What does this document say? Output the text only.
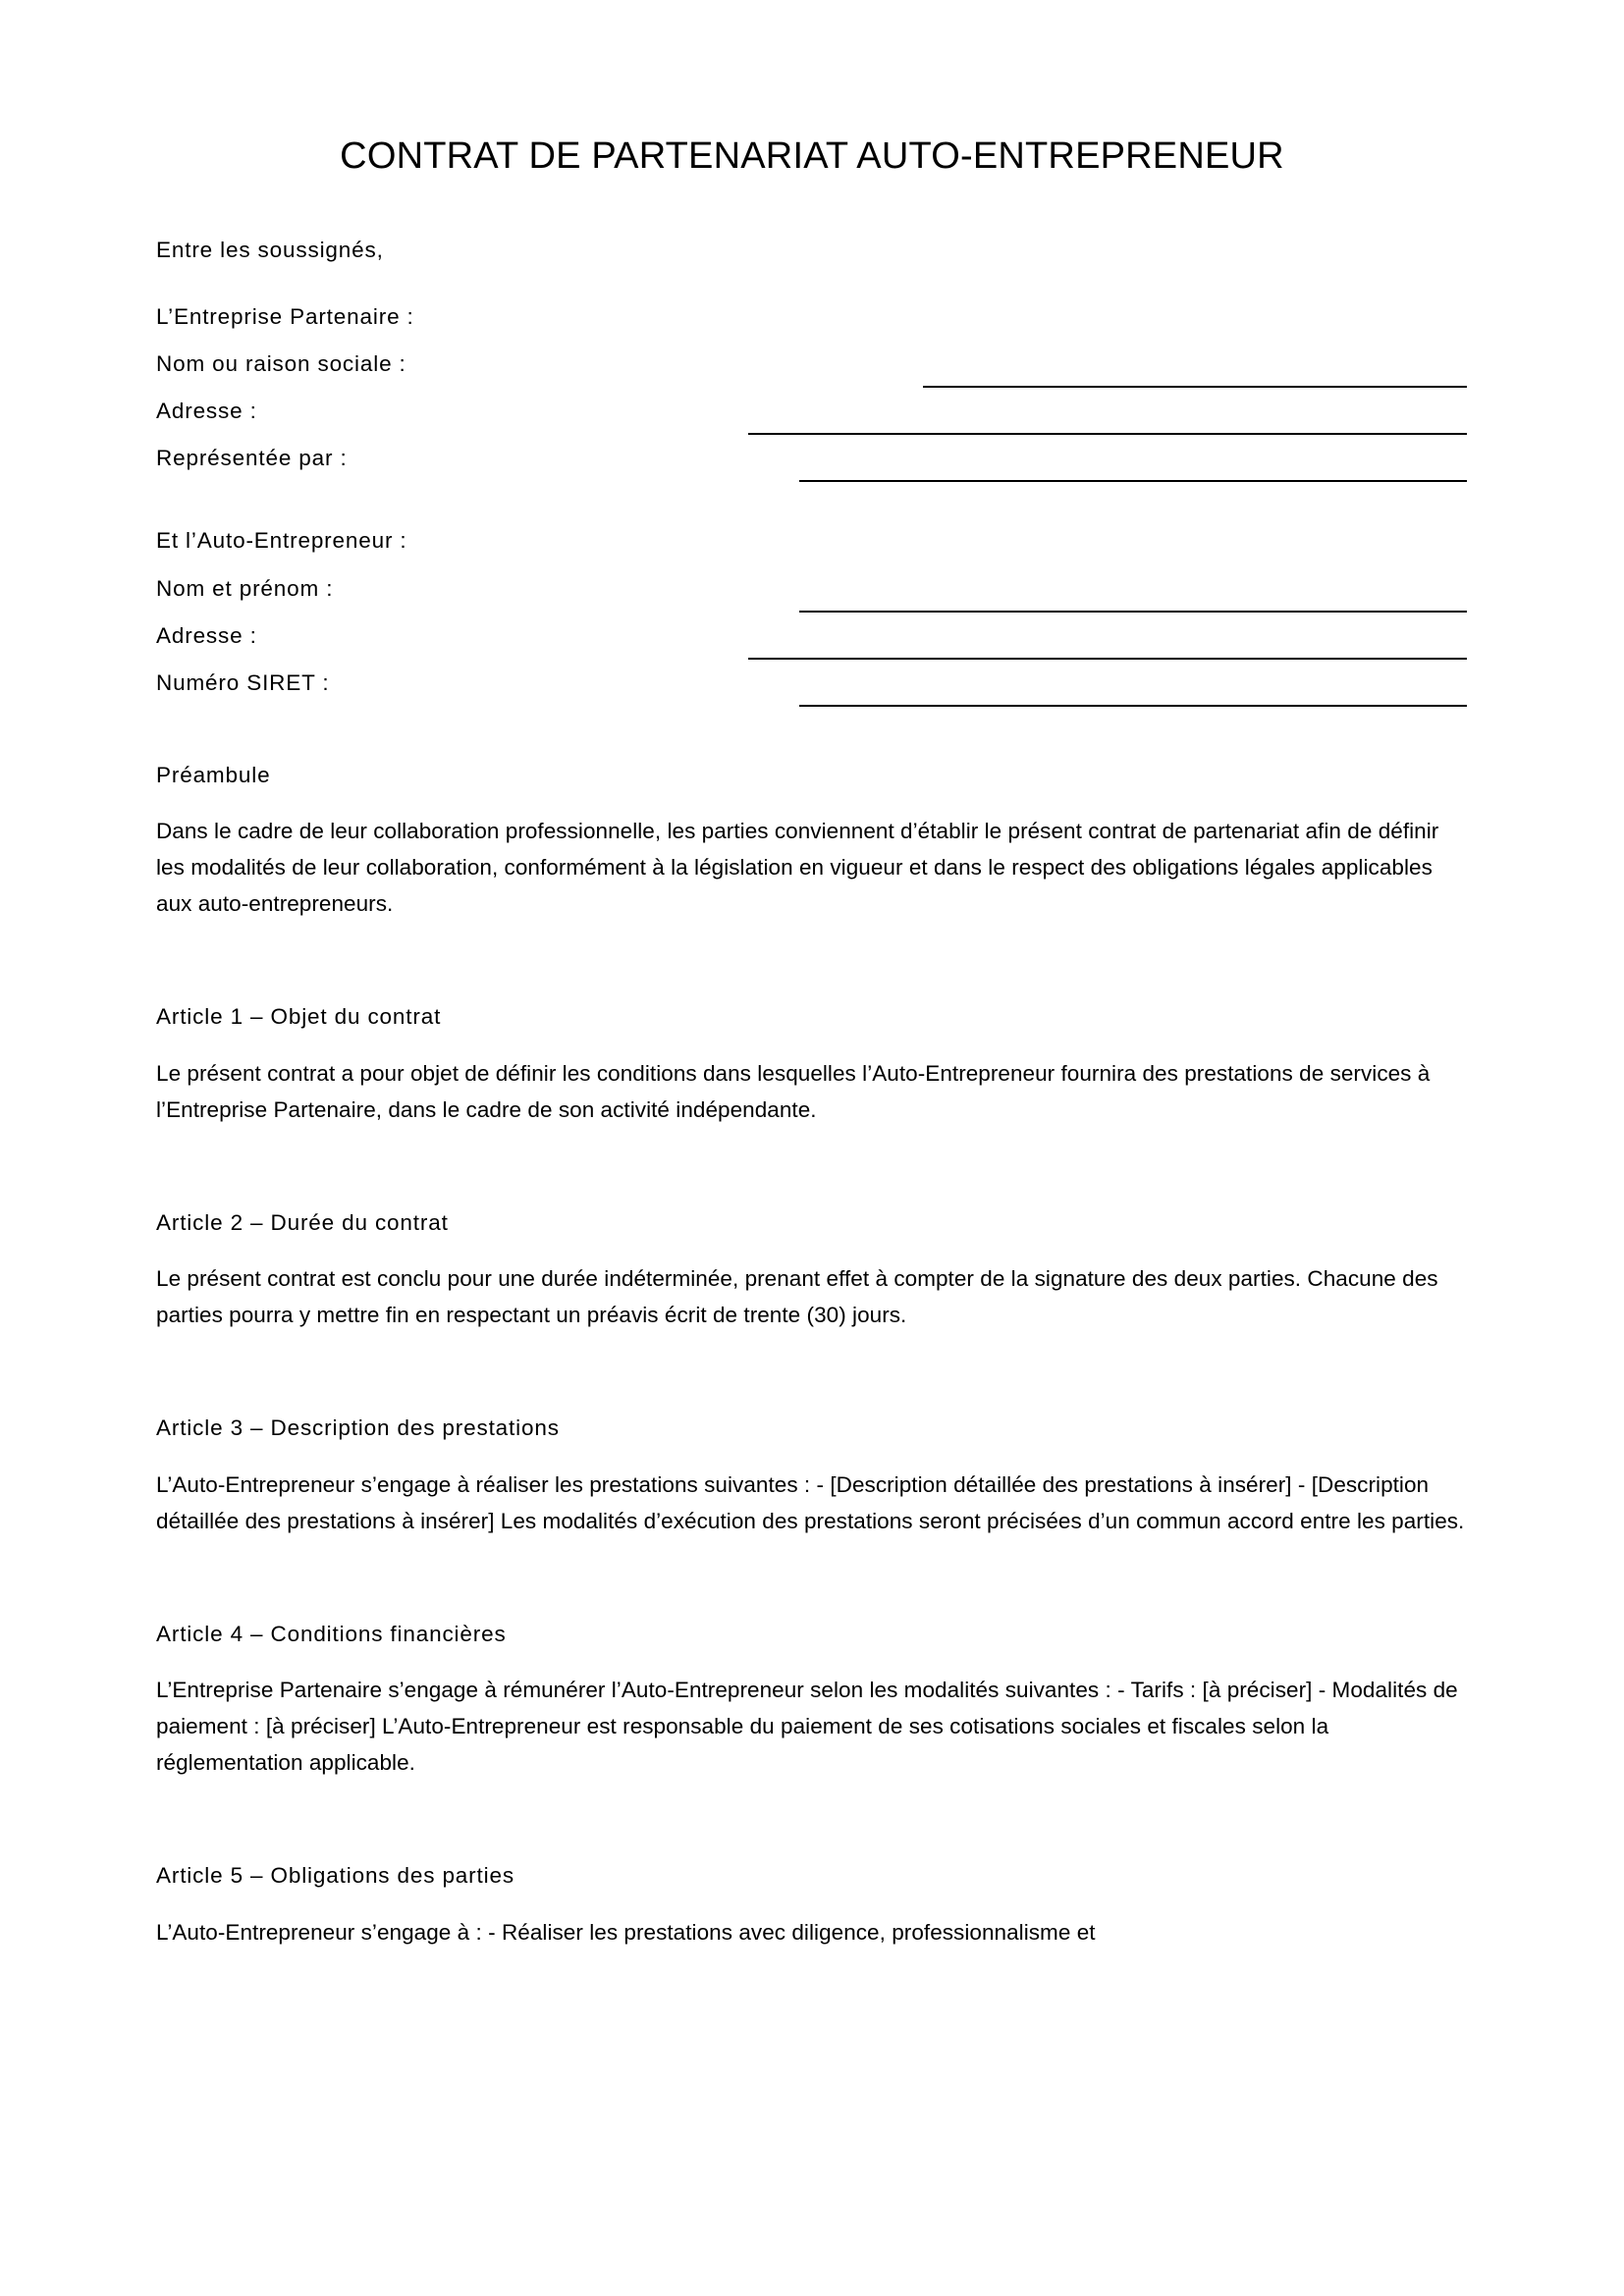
CONTRAT DE PARTENARIAT AUTO-ENTREPRENEUR

Entre les soussignés,

L’Entreprise Partenaire :

Nom ou raison sociale :
Adresse :
Représentée par :

Et l’Auto-Entrepreneur :

Nom et prénom :
Adresse :
Numéro SIRET :

Préambule

Dans le cadre de leur collaboration professionnelle, les parties conviennent d’établir le présent contrat de partenariat afin de définir les modalités de leur collaboration, conformément à la législation en vigueur et dans le respect des obligations légales applicables aux auto-entrepreneurs.

Article 1 – Objet du contrat

Le présent contrat a pour objet de définir les conditions dans lesquelles l’Auto-Entrepreneur fournira des prestations de services à l’Entreprise Partenaire, dans le cadre de son activité indépendante.

Article 2 – Durée du contrat

Le présent contrat est conclu pour une durée indéterminée, prenant effet à compter de la signature des deux parties. Chacune des parties pourra y mettre fin en respectant un préavis écrit de trente (30) jours.

Article 3 – Description des prestations

L’Auto-Entrepreneur s’engage à réaliser les prestations suivantes : - [Description détaillée des prestations à insérer] - [Description détaillée des prestations à insérer] Les modalités d’exécution des prestations seront précisées d’un commun accord entre les parties.

Article 4 – Conditions financières

L’Entreprise Partenaire s’engage à rémunérer l’Auto-Entrepreneur selon les modalités suivantes : - Tarifs : [à préciser] - Modalités de paiement : [à préciser] L’Auto-Entrepreneur est responsable du paiement de ses cotisations sociales et fiscales selon la réglementation applicable.

Article 5 – Obligations des parties

L’Auto-Entrepreneur s’engage à : - Réaliser les prestations avec diligence, professionnalisme et
